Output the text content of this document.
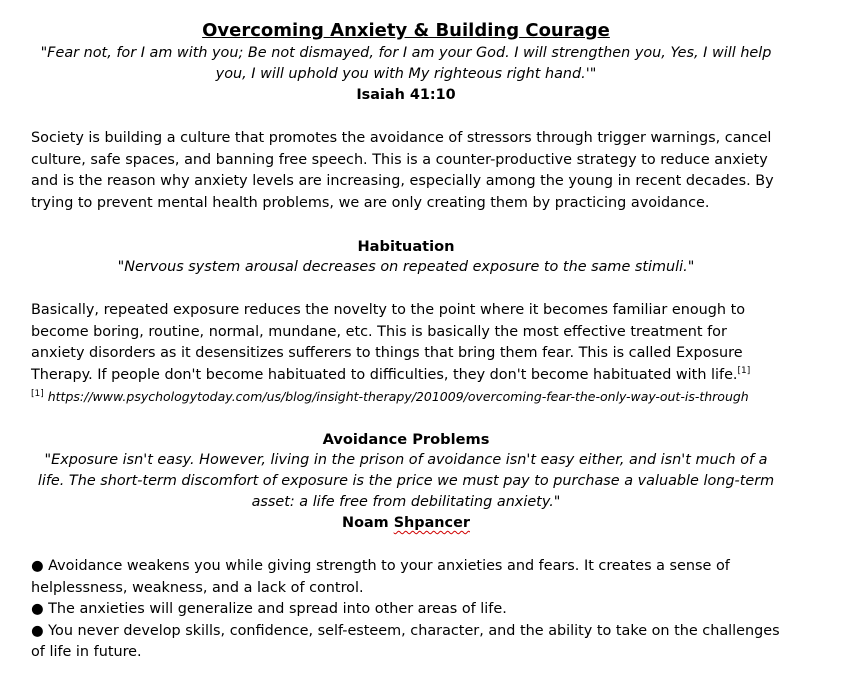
Overcoming Anxiety & Building Courage

"Fear not, for I am with you; Be not dismayed, for I am your God. I will strengthen you, Yes, I will help you, I will uphold you with My righteous right hand.'"

Isaiah 41:10

Society is building a culture that promotes the avoidance of stressors through trigger warnings, cancel culture, safe spaces, and banning free speech. This is a counter-productive strategy to reduce anxiety and is the reason why anxiety levels are increasing, especially among the young in recent decades. By trying to prevent mental health problems, we are only creating them by practicing avoidance.

Habituation

"Nervous system arousal decreases on repeated exposure to the same stimuli."

Basically, repeated exposure reduces the novelty to the point where it becomes familiar enough to become boring, routine, normal, mundane, etc. This is basically the most effective treatment for anxiety disorders as it desensitizes sufferers to things that bring them fear. This is called Exposure Therapy. If people don't become habituated to difficulties, they don't become habituated with life.[1]

[1] https://www.psychologytoday.com/us/blog/insight-therapy/201009/overcoming-fear-the-only-way-out-is-through

Avoidance Problems

"Exposure isn't easy. However, living in the prison of avoidance isn't easy either, and isn't much of a life. The short-term discomfort of exposure is the price we must pay to purchase a valuable long-term asset: a life free from debilitating anxiety."

Noam Shpancer

● Avoidance weakens you while giving strength to your anxieties and fears. It creates a sense of helplessness, weakness, and a lack of control.

● The anxieties will generalize and spread into other areas of life.

● You never develop skills, confidence, self-esteem, character, and the ability to take on the challenges of life in future.
